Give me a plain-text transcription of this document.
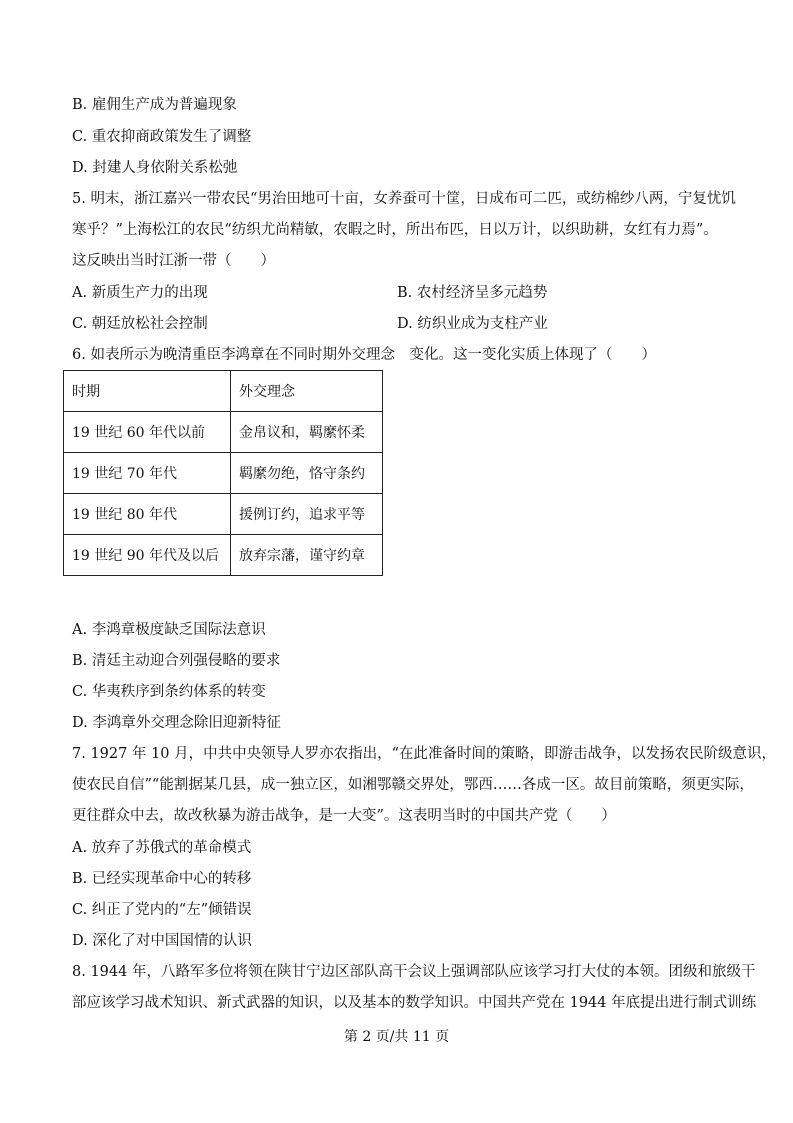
B. 雇佣生产成为普遍现象
C. 重农抑商政策发生了调整
D. 封建人身依附关系松弛
5. 明末，浙江嘉兴一带农民“男治田地可十亩，女养蚕可十筐，日成布可二匹，或纺棉纱八两，宁复忧饥
寒乎？”上海松江的农民“纺织尤尚精敏，农暇之时，所出布匹，日以万计，以织助耕，女红有力焉”。
这反映出当时江浙一带（　　）
A. 新质生产力的出现	B. 农村经济呈多元趋势
C. 朝廷放松社会控制	D. 纺织业成为支柱产业
6. 如表所示为晚清重臣李鸿章在不同时期外交理念　变化。这一变化实质上体现了（　　）
时期	外交理念
19 世纪 60 年代以前	金帛议和，羁縻怀柔
19 世纪 70 年代	羁縻勿绝，恪守条约
19 世纪 80 年代	援例订约，追求平等
19 世纪 90 年代及以后	放弃宗藩，谨守约章
A. 李鸿章极度缺乏国际法意识
B. 清廷主动迎合列强侵略的要求
C. 华夷秩序到条约体系的转变
D. 李鸿章外交理念除旧迎新特征
7. 1927 年 10 月，中共中央领导人罗亦农指出，“在此准备时间的策略，即游击战争，以发扬农民阶级意识，
使农民自信”“能割据某几县，成一独立区，如湘鄂赣交界处，鄂西……各成一区。故目前策略，须更实际，
更往群众中去，故改秋暴为游击战争，是一大变”。这表明当时的中国共产党（　　）
A. 放弃了苏俄式的革命模式
B. 已经实现革命中心的转移
C. 纠正了党内的“左”倾错误
D. 深化了对中国国情的认识
8. 1944 年，八路军多位将领在陕甘宁边区部队高干会议上强调部队应该学习打大仗的本领。团级和旅级干
部应该学习战术知识、新式武器的知识，以及基本的数学知识。中国共产党在 1944 年底提出进行制式训练
第 2 页/共 11 页
